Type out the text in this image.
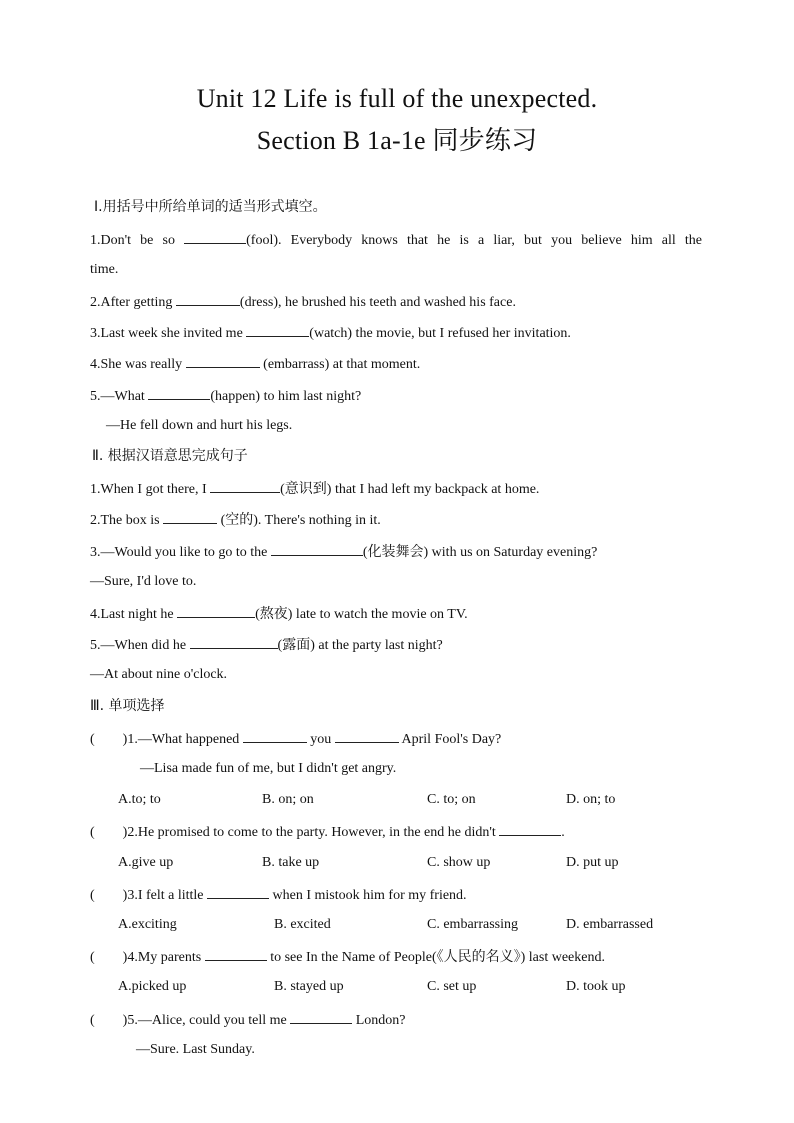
Unit 12 Life is full of the unexpected.
Section B 1a-1e 同步练习
Ⅰ.用括号中所给单词的适当形式填空。
1.Don't be so	(fool). Everybody knows that he is a liar, but you believe him all the
time.
2.After getting	(dress), he brushed his teeth and washed his face.
3.Last week she invited me	(watch) the movie, but I refused her invitation.
4.She was really	(embarrass) at that moment.
5.—What	(happen) to him last night?
—He fell down and hurt his legs.
Ⅱ. 根据汉语意思完成句子
1.When I got there, I	(意识到) that I had left my backpack at home.
2.The box is	(空的). There's nothing in it.
3.—Would you like to go to the	(化装舞会) with us on Saturday evening?
—Sure, I'd love to.
4.Last night he	(熬夜) late to watch the movie on TV.
5.—When did he	(露面) at the party last night?
—At about nine o'clock.
Ⅲ. 单项选择
(        )1.—What happened	you	April Fool's Day?
—Lisa made fun of me, but I didn't get angry.
A.to; to	B. on; on	C. to; on	D. on; to
(        )2.He promised to come to the party. However, in the end he didn't	.
A.give up	B. take up	C. show up	D. put up
(        )3.I felt a little	when I mistook him for my friend.
A.exciting	B. excited	C. embarrassing	D. embarrassed
(        )4.My parents	to see In the Name of People(《人民的名义》) last weekend.
A.picked up	B. stayed up	C. set up	D. took up
(        )5.—Alice, could you tell me	London?
—Sure. Last Sunday.
